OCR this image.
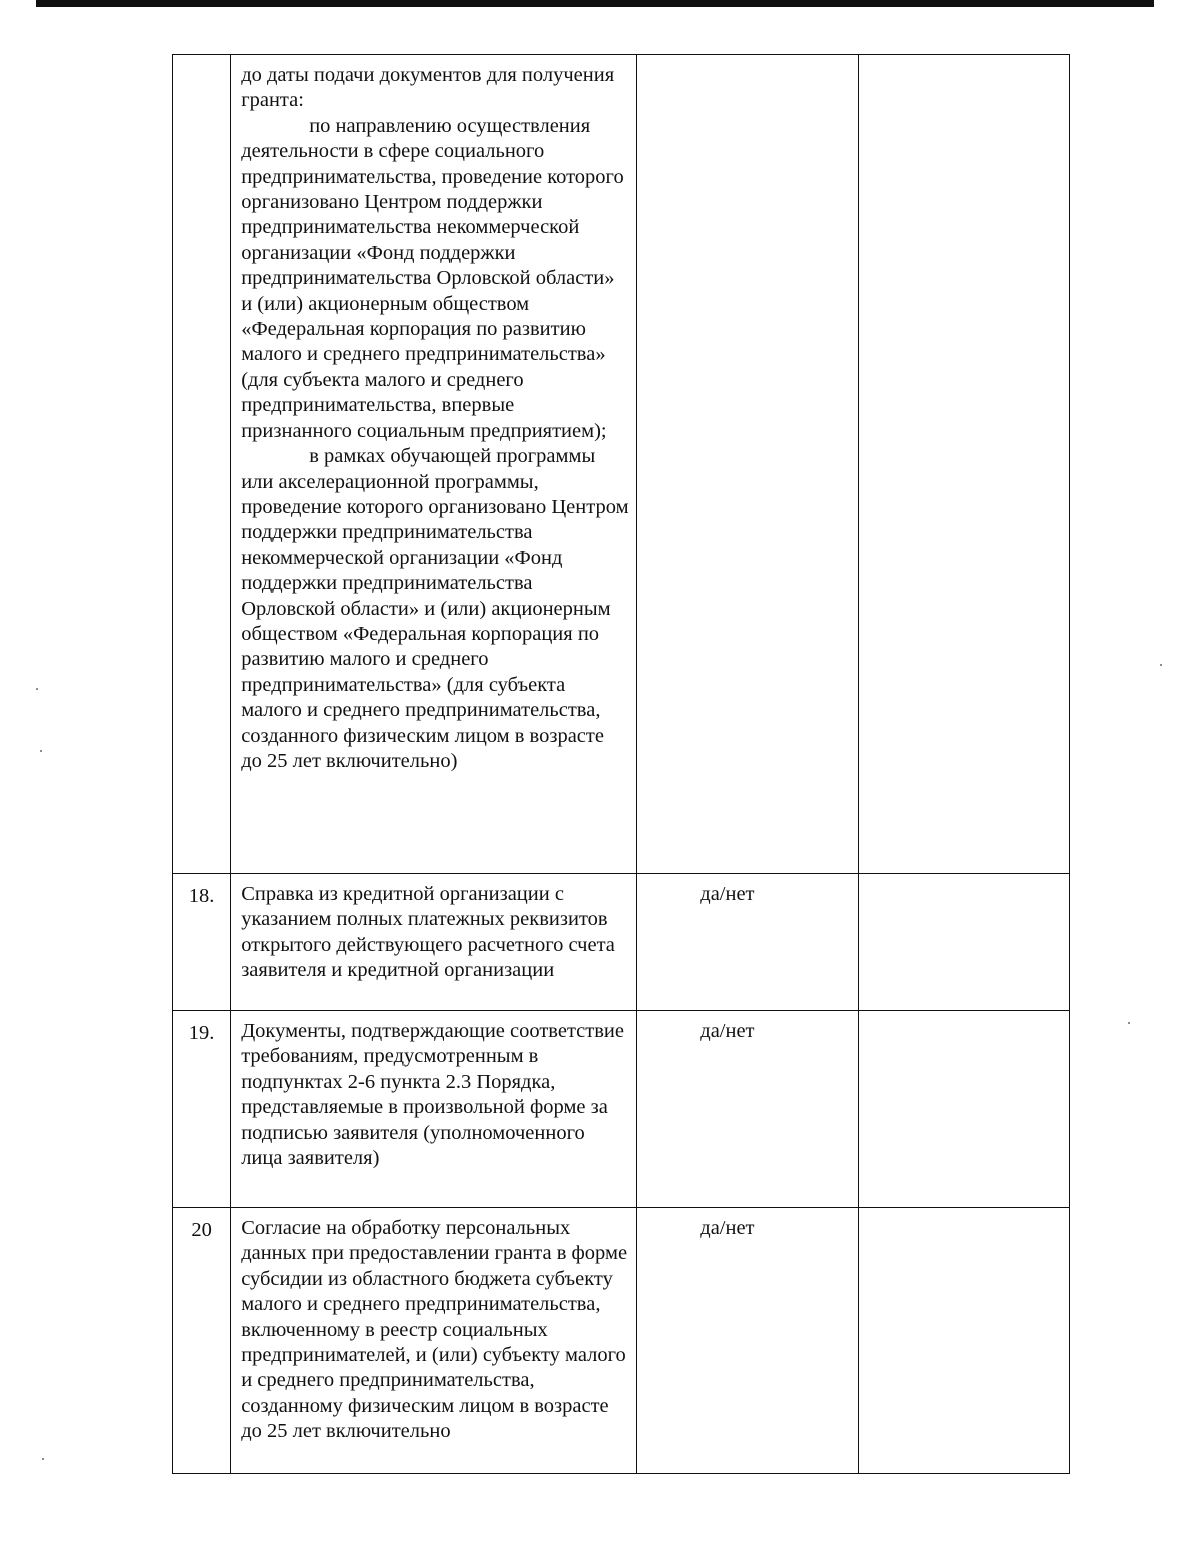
	до даты подачи документов для получения гранта:
по направлению осуществления деятельности в сфере социального предпринимательства, проведение которого организовано Центром поддержки предпринимательства некоммерческой организации «Фонд поддержки предпринимательства Орловской области» и (или) акционерным обществом «Федеральная корпорация по развитию малого и среднего предпринимательства» (для субъекта малого и среднего предпринимательства, впервые признанного социальным предприятием);
в рамках обучающей программы или акселерационной программы, проведение которого организовано Центром поддержки предпринимательства некоммерческой организации «Фонд поддержки предпринимательства Орловской области» и (или) акционерным обществом «Федеральная корпорация по развитию малого и среднего предпринимательства» (для субъекта малого и среднего предпринимательства, созданного физическим лицом в возрасте до 25 лет включительно)		

18.	Справка из кредитной организации с указанием полных платежных реквизитов открытого действующего расчетного счета заявителя и кредитной организации	да/нет	
19.	Документы, подтверждающие соответствие требованиям, предусмотренным в подпунктах 2-6 пункта 2.3 Порядка, представляемые в произвольной форме за подписью заявителя (уполномоченного лица заявителя)	да/нет	
20	Согласие на обработку персональных данных при предоставлении гранта в форме субсидии из областного бюджета субъекту малого и среднего предпринимательства, включенному в реестр социальных предпринимателей, и (или) субъекту малого и среднего предпринимательства, созданному физическим лицом в возрасте до 25 лет включительно	да/нет	
